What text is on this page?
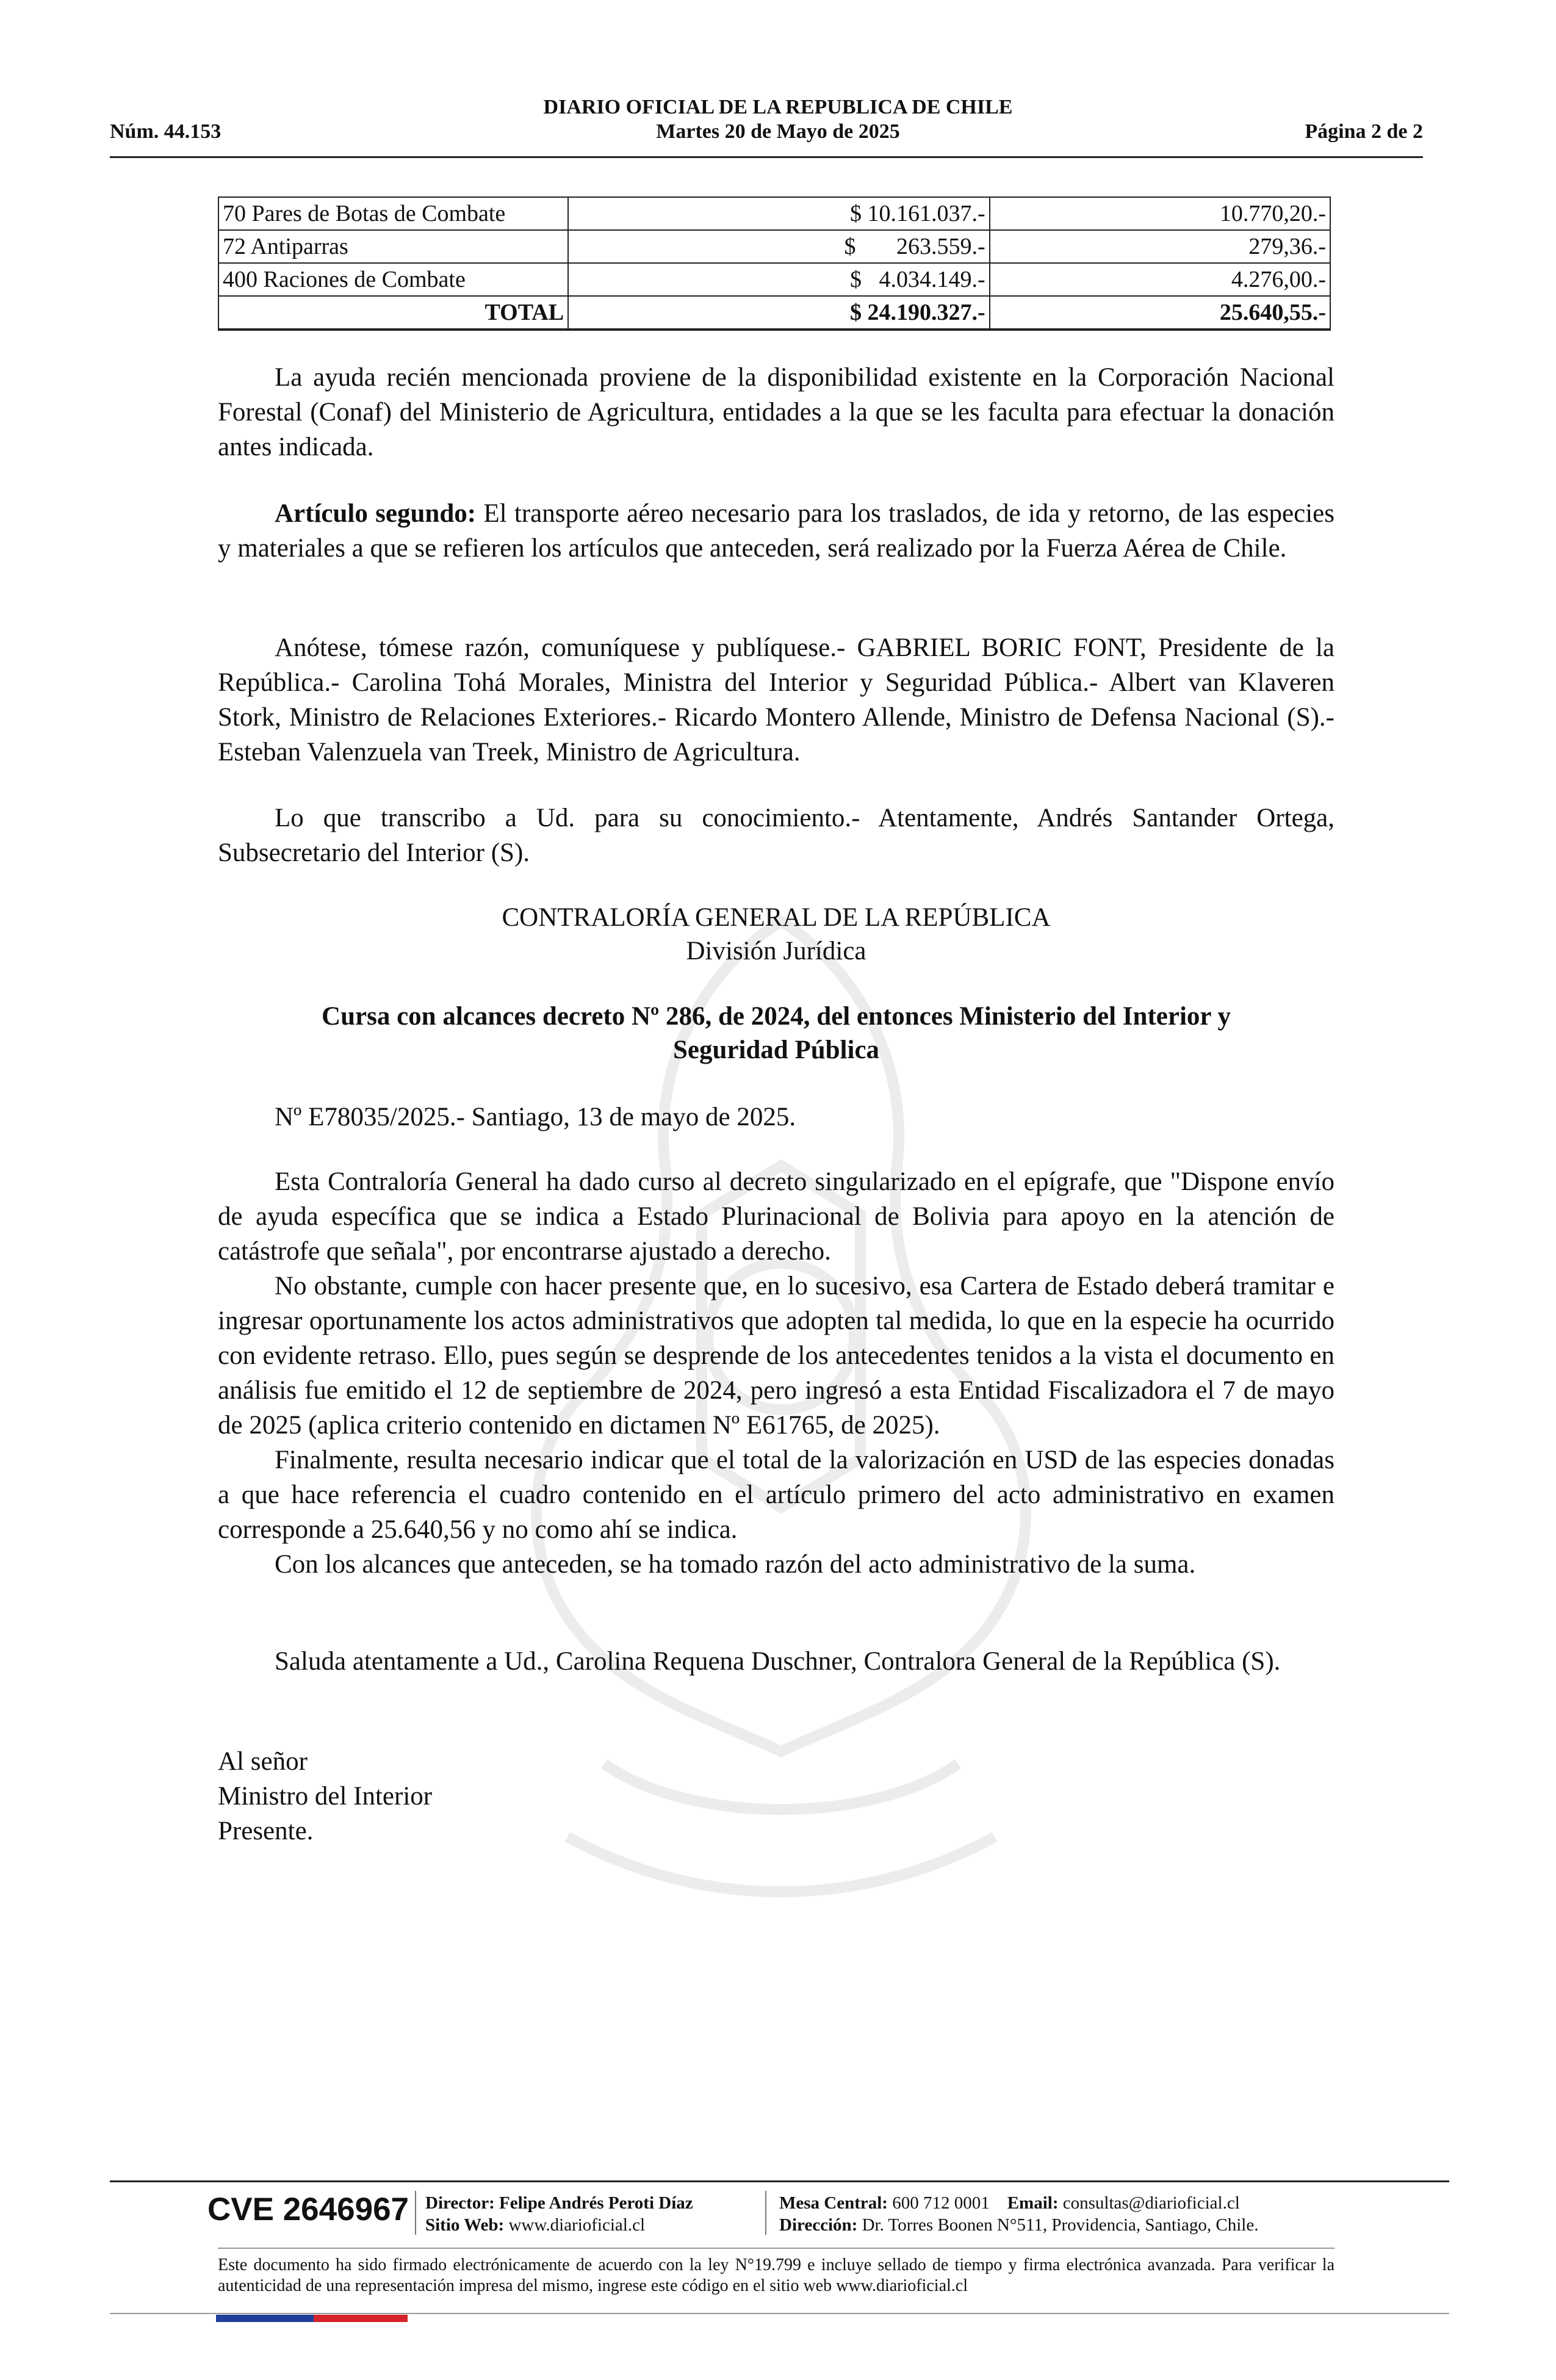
Núm. 44.153
DIARIO OFICIAL DE LA REPUBLICA DE CHILE
Martes 20 de Mayo de 2025	Página 2 de 2
70 Pares de Botas de Combate	$ 10.161.037.-	10.770,20.-
72 Antiparras	$       263.559.-	279,36.-
400 Raciones de Combate	$   4.034.149.-	4.276,00.-
TOTAL	$ 24.190.327.-	25.640,55.-

La ayuda recién mencionada proviene de la disponibilidad existente en la Corporación Nacional Forestal (Conaf) del Ministerio de Agricultura, entidades a la que se les faculta para efectuar la donación antes indicada.

Artículo segundo: El transporte aéreo necesario para los traslados, de ida y retorno, de las especies y materiales a que se refieren los artículos que anteceden, será realizado por la Fuerza Aérea de Chile.

Anótese, tómese razón, comuníquese y publíquese.- GABRIEL BORIC FONT, Presidente de la República.- Carolina Tohá Morales, Ministra del Interior y Seguridad Pública.- Albert van Klaveren Stork, Ministro de Relaciones Exteriores.- Ricardo Montero Allende, Ministro de Defensa Nacional (S).- Esteban Valenzuela van Treek, Ministro de Agricultura.

Lo que transcribo a Ud. para su conocimiento.- Atentamente, Andrés Santander Ortega, Subsecretario del Interior (S).

CONTRALORÍA GENERAL DE LA REPÚBLICA
División Jurídica
Cursa con alcances decreto Nº 286, de 2024, del entonces Ministerio del Interior y
Seguridad Pública

Nº E78035/2025.- Santiago, 13 de mayo de 2025.

Esta Contraloría General ha dado curso al decreto singularizado en el epígrafe, que "Dispone envío de ayuda específica que se indica a Estado Plurinacional de Bolivia para apoyo en la atención de catástrofe que señala", por encontrarse ajustado a derecho.

No obstante, cumple con hacer presente que, en lo sucesivo, esa Cartera de Estado deberá tramitar e ingresar oportunamente los actos administrativos que adopten tal medida, lo que en la especie ha ocurrido con evidente retraso. Ello, pues según se desprende de los antecedentes tenidos a la vista el documento en análisis fue emitido el 12 de septiembre de 2024, pero ingresó a esta Entidad Fiscalizadora el 7 de mayo de 2025 (aplica criterio contenido en dictamen Nº E61765, de 2025).

Finalmente, resulta necesario indicar que el total de la valorización en USD de las especies donadas a que hace referencia el cuadro contenido en el artículo primero del acto administrativo en examen corresponde a 25.640,56 y no como ahí se indica.

Con los alcances que anteceden, se ha tomado razón del acto administrativo de la suma.

Saluda atentamente a Ud., Carolina Requena Duschner, Contralora General de la República (S).

Al señor

Ministro del Interior

Presente.

CVE 2646967 Director: Felipe Andrés Peroti Díaz
Sitio Web: www.diarioficial.cl
Mesa Central: 600 712 0001 Email: consultas@diarioficial.cl
Dirección: Dr. Torres Boonen N°511, Providencia, Santiago, Chile.
Este documento ha sido firmado electrónicamente de acuerdo con la ley N°19.799 e incluye sellado de tiempo y firma electrónica avanzada. Para verificar la autenticidad de una representación impresa del mismo, ingrese este código en el sitio web www.diarioficial.cl
